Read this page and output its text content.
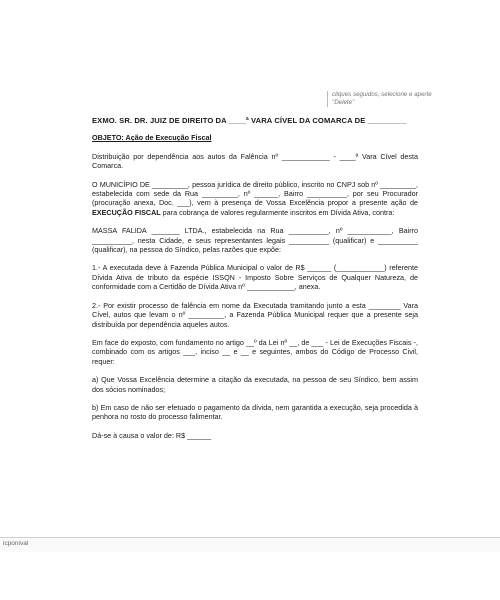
cliques seguidos, selecione e aperte "Delete"
EXMO. SR. DR. JUIZ DE DIREITO DA ____ª VARA CÍVEL DA COMARCA DE _________
OBJETO: Ação de Execução Fiscal
Distribuição por dependência aos autos da Falência nº ____________ - ____ª Vara Cível desta Comarca.
O MUNICÍPIO DE _________, pessoa jurídica de direito público, inscrito no CNPJ sob nº _________, estabelecida com sede da Rua _________, nº ______, Bairro __________, por seu Procurador (procuração anexa, Doc. ___), vem à presença de Vossa Excelência propor a presente ação de EXECUÇÃO FISCAL para cobrança de valores regularmente inscritos em Dívida Ativa, contra:
MASSA FALIDA _______ LTDA., estabelecida na Rua __________, nº ___________, Bairro __________, nesta Cidade, e seus representantes legais __________ (qualificar) e __________ (qualificar), na pessoa do Síndico, pelas razões que expõe:
1.- A executada deve à Fazenda Pública Municipal o valor de R$ ______ (____________) referente Dívida Ativa de tributo da espécie ISSQN - Imposto Sobre Serviços de Qualquer Natureza, de conformidade com a Certidão de Dívida Ativa nº ____________, anexa.
2.- Por existir processo de falência em nome da Executada tramitando junto a esta ________ Vara Cível, autos que levam o nº _________, a Fazenda Pública Municipal requer que a presente seja distribuída por dependência aqueles autos.
Em face do exposto, com fundamento no artigo __º da Lei nº __, de ___ - Lei de Execuções Fiscais -, combinado com os artigos ___, inciso __ e __ e seguintes, ambos do Código de Processo Civil, requer:
a) Que Vossa Excelência determine a citação da executada, na pessoa de seu Síndico, bem assim dos sócios nominados;
b) Em caso de não ser efetuado o pagamento da dívida, nem garantida a execução, seja procedida à penhora no rosto do processo falimentar.
Dá-se à causa o valor de: R$ ______
icponival
